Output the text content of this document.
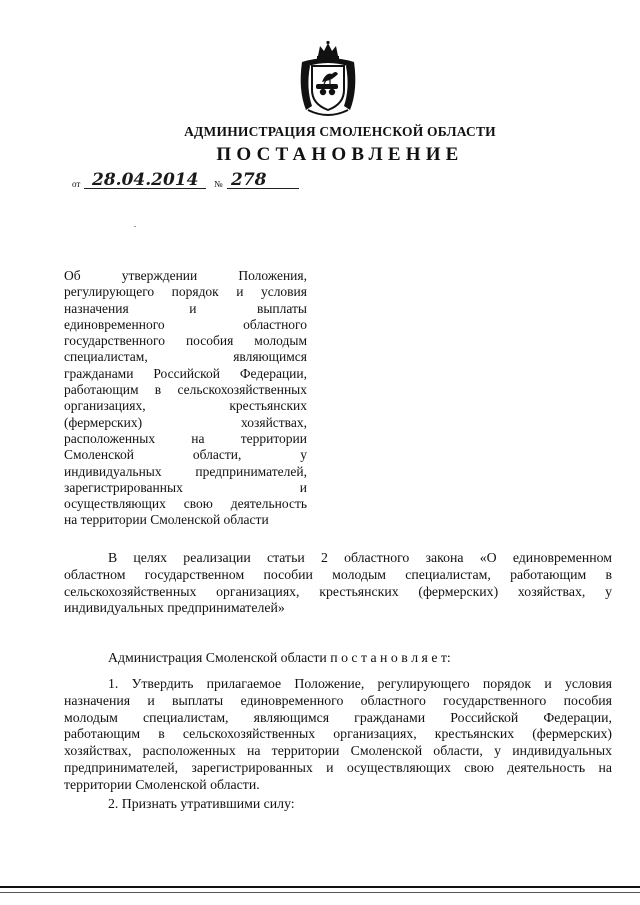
АДМИНИСТРАЦИЯ СМОЛЕНСКОЙ ОБЛАСТИ
ПОСТАНОВЛЕНИЕ
от 28.04.2014	№ 278
Об утверждении Положения,
регулирующего порядок и условия
назначения и выплаты
единовременного областного
государственного пособия молодым
специалистам, являющимся
гражданами Российской Федерации,
работающим в сельскохозяйственных
организациях, крестьянских
(фермерских) хозяйствах,
расположенных на территории
Смоленской области, у
индивидуальных предпринимателей,
зарегистрированных и
осуществляющих свою деятельность
на территории Смоленской области
В целях реализации статьи 2 областного закона «О единовременном
областном государственном пособии молодым специалистам, работающим в
сельскохозяйственных организациях, крестьянских (фермерских) хозяйствах, у
индивидуальных предпринимателей»
Администрация Смоленской области п о с т а н о в л я е т:
1. Утвердить прилагаемое Положение, регулирующего порядок и условия
назначения и выплаты единовременного областного государственного пособия
молодым специалистам, являющимся гражданами Российской Федерации,
работающим в сельскохозяйственных организациях, крестьянских (фермерских)
хозяйствах, расположенных на территории Смоленской области, у индивидуальных
предпринимателей, зарегистрированных и осуществляющих свою деятельность на
территории Смоленской области.
2. Признать утратившими силу:
